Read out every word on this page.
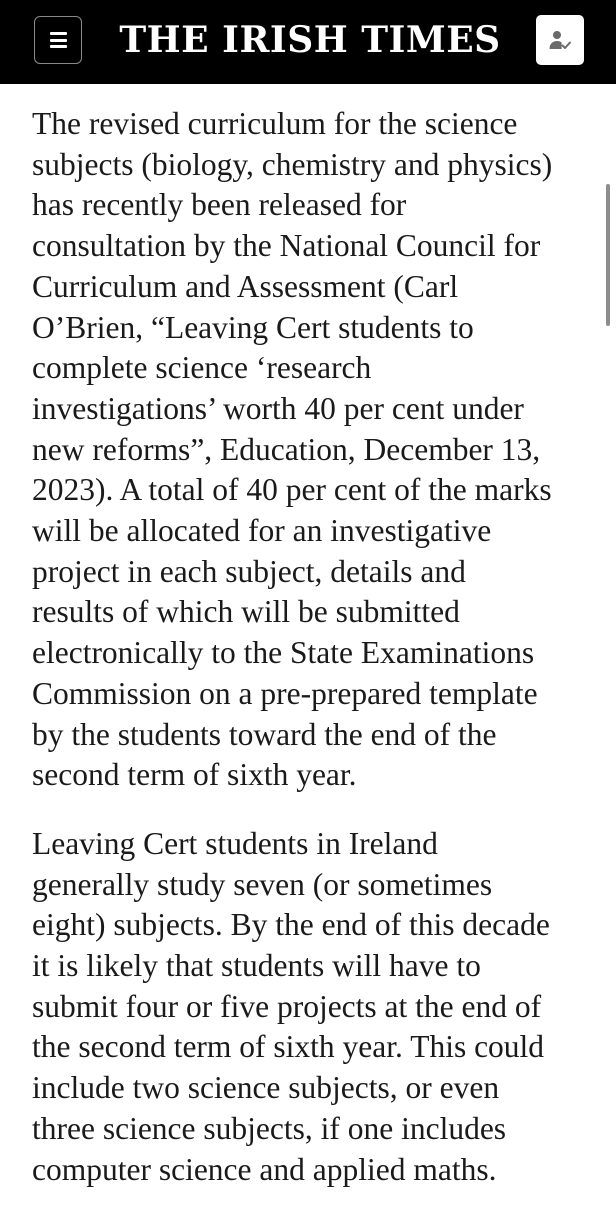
THE IRISH TIMES

The revised curriculum for the science
subjects (biology, chemistry and physics)
has recently been released for
consultation by the National Council for
Curriculum and Assessment (Carl
O’Brien, “Leaving Cert students to
complete science ‘research
investigations’ worth 40 per cent under
new reforms”, Education, December 13,
2023). A total of 40 per cent of the marks
will be allocated for an investigative
project in each subject, details and
results of which will be submitted
electronically to the State Examinations
Commission on a pre-prepared template
by the students toward the end of the
second term of sixth year.

Leaving Cert students in Ireland
generally study seven (or sometimes
eight) subjects. By the end of this decade
it is likely that students will have to
submit four or five projects at the end of
the second term of sixth year. This could
include two science subjects, or even
three science subjects, if one includes
computer science and applied maths.
